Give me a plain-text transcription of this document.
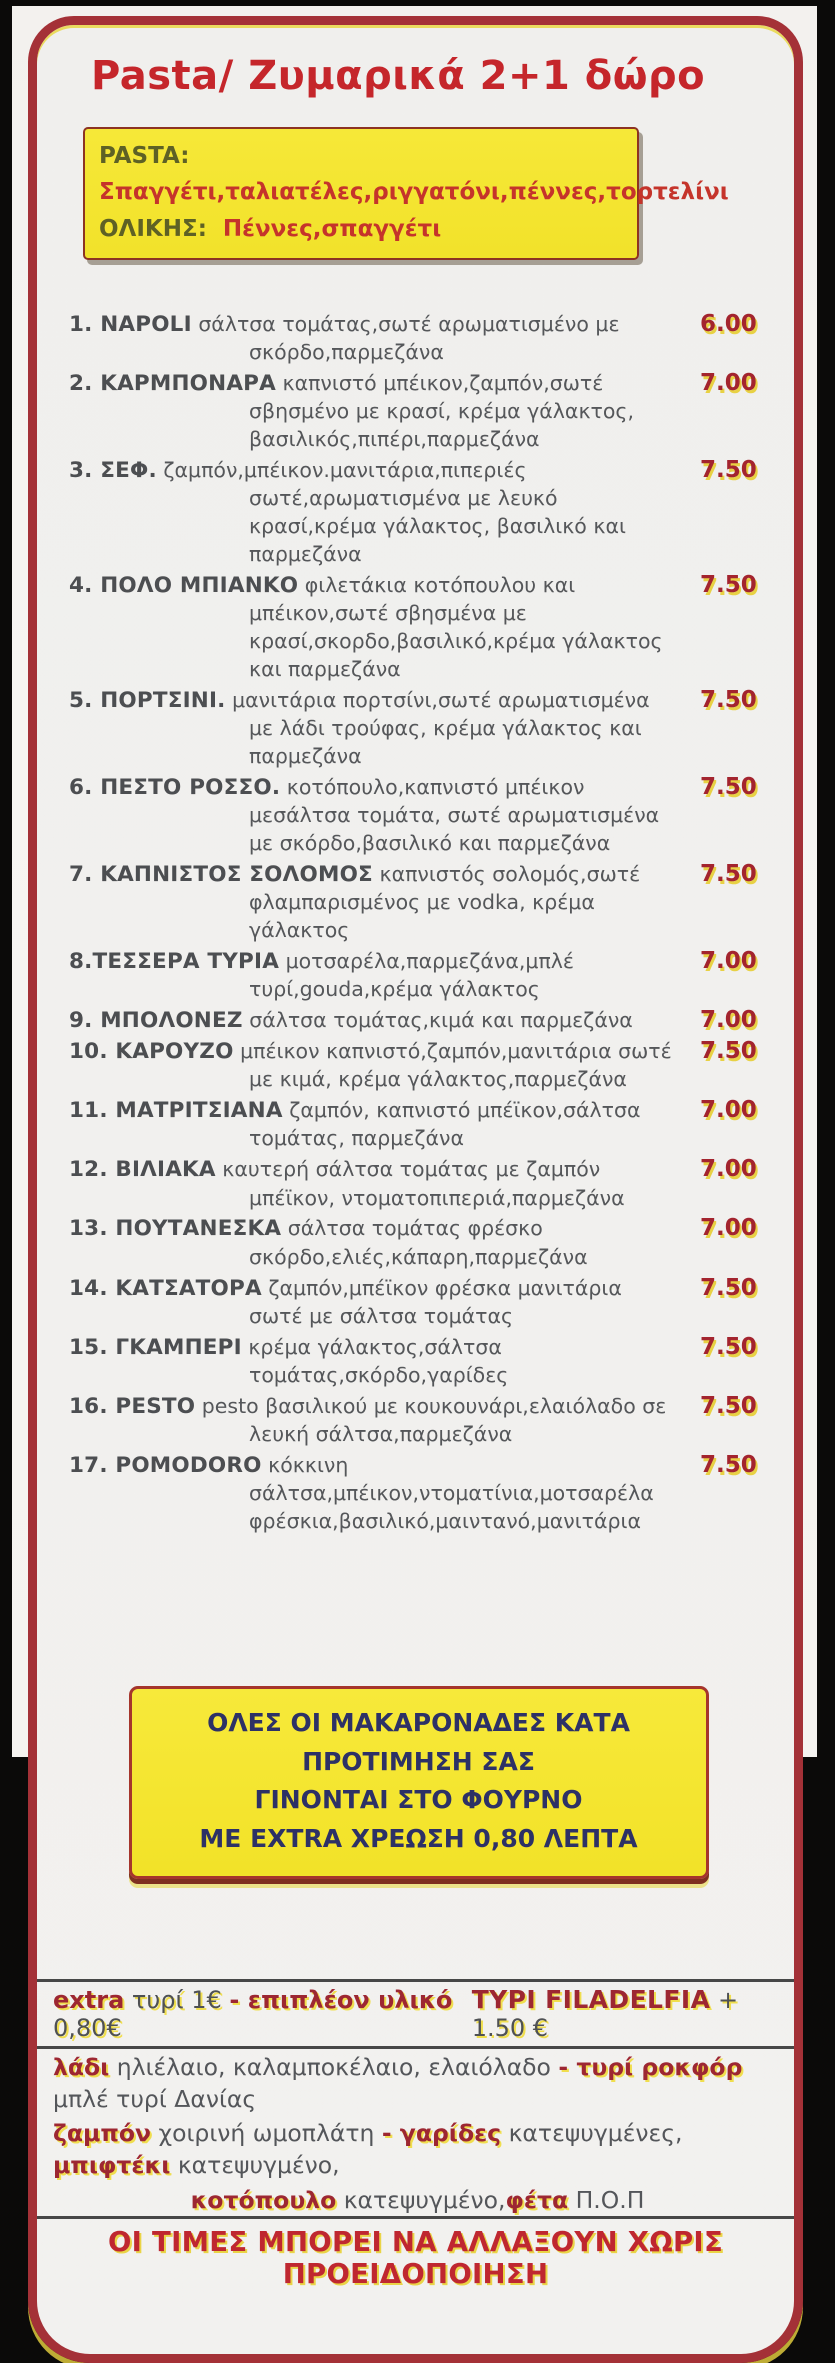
Pasta/ Ζυμαρικά 2+1 δώρο
PASTA: Σπαγγέτι,ταλιατέλες,ριγγατόνι,πέννες,τορτελίνι
ΟΛΙΚΗΣ: Πέννες,σπαγγέτι
1. NAPOLI σάλτσα τομάτας,σωτέ αρωματισμένο με σκόρδο,παρμεζάνα
6.00
2. ΚΑΡΜΠΟΝΑΡΑ καπνιστό μπέικον,ζαμπόν,σωτέ σβησμένο με κρασί, κρέμα γάλακτος, βασιλικός,πιπέρι,παρμεζάνα
7.00
3. ΣΕΦ. ζαμπόν,μπέικον.μανιτάρια,πιπεριές σωτέ,αρωματισμένα με λευκό κρασί,κρέμα γάλακτος, βασιλικό και παρμεζάνα
7.50
4. ΠΟΛΟ ΜΠΙΑΝΚΟ φιλετάκια κοτόπουλου και μπέικον,σωτέ σβησμένα με κρασί,σκορδο,βασιλικό,κρέμα γάλακτος και παρμεζάνα
7.50
5. ΠΟΡΤΣΙΝΙ. μανιτάρια πορτσίνι,σωτέ αρωματισμένα με λάδι τρούφας, κρέμα γάλακτος και παρμεζάνα
7.50
6. ΠΕΣΤΟ ΡΟΣΣΟ. κοτόπουλο,καπνιστό μπέικον μεσάλτσα τομάτα, σωτέ αρωματισμένα με σκόρδο,βασιλικό και παρμεζάνα
7.50
7. ΚΑΠΝΙΣΤΟΣ ΣΟΛΟΜΟΣ καπνιστός σολομός,σωτέ φλαμπαρισμένος με vodka, κρέμα γάλακτος
7.50
8.ΤΕΣΣΕΡΑ ΤΥΡΙΑ μοτσαρέλα,παρμεζάνα,μπλέ τυρί,gouda,κρέμα γάλακτος
7.00
9. ΜΠΟΛΟΝΕΖ σάλτσα τομάτας,κιμά και παρμεζάνα	7.00
10. ΚΑΡΟΥΖΟ μπέικον καπνιστό,ζαμπόν,μανιτάρια σωτέ με κιμά, κρέμα γάλακτος,παρμεζάνα
7.50
11. ΜΑΤΡΙΤΣΙΑΝΑ ζαμπόν, καπνιστό μπέϊκον,σάλτσα τομάτας, παρμεζάνα
7.00
12. ΒΙΛΙΑΚΑ καυτερή σάλτσα τομάτας με ζαμπόν μπέϊκον, ντοματοπιπεριά,παρμεζάνα
7.00
13. ΠΟΥΤΑΝΕΣΚΑ σάλτσα τομάτας φρέσκο σκόρδο,ελιές,κάπαρη,παρμεζάνα
7.00
14. ΚΑΤΣΑΤΟΡΑ ζαμπόν,μπέϊκον φρέσκα μανιτάρια σωτέ με σάλτσα τομάτας
7.50
15. ΓΚΑΜΠΕΡΙ κρέμα γάλακτος,σάλτσα τομάτας,σκόρδο,γαρίδες
7.50
16. PESTO pesto βασιλικού με κουκουνάρι,ελαιόλαδο σε λευκή σάλτσα,παρμεζάνα
7.50
17. POMODORO κόκκινη σάλτσα,μπέικον,ντοματίνια,μοτσαρέλα φρέσκια,βασιλικό,μαιντανό,μανιτάρια
7.50
ΟΛΕΣ ΟΙ ΜΑΚΑΡΟΝΑΔΕΣ ΚΑΤΑ ΠΡΟΤΙΜΗΣΗ ΣΑΣ
ΓΙΝΟΝΤΑΙ ΣΤΟ ΦΟΥΡΝΟ
ΜΕ EXTRA ΧΡΕΩΣΗ 0,80 ΛΕΠΤΑ
extra τυρί 1€ - επιπλέον υλικό 0,80€
ΤΥΡΙ FILADELFIA + 1.50 €
λάδι ηλιέλαιο, καλαμποκέλαιο, ελαιόλαδο - τυρί ροκφόρ μπλέ τυρί Δανίας
ζαμπόν χοιρινή ωμοπλάτη - γαρίδες κατεψυγμένες, μπιφτέκι κατεψυγμένο,
κοτόπουλο κατεψυγμένο,φέτα Π.Ο.Π
ΟΙ ΤΙΜΕΣ ΜΠΟΡΕΙ ΝΑ ΑΛΛΑΞΟΥΝ ΧΩΡΙΣ ΠΡΟΕΙΔΟΠΟΙΗΣΗ
